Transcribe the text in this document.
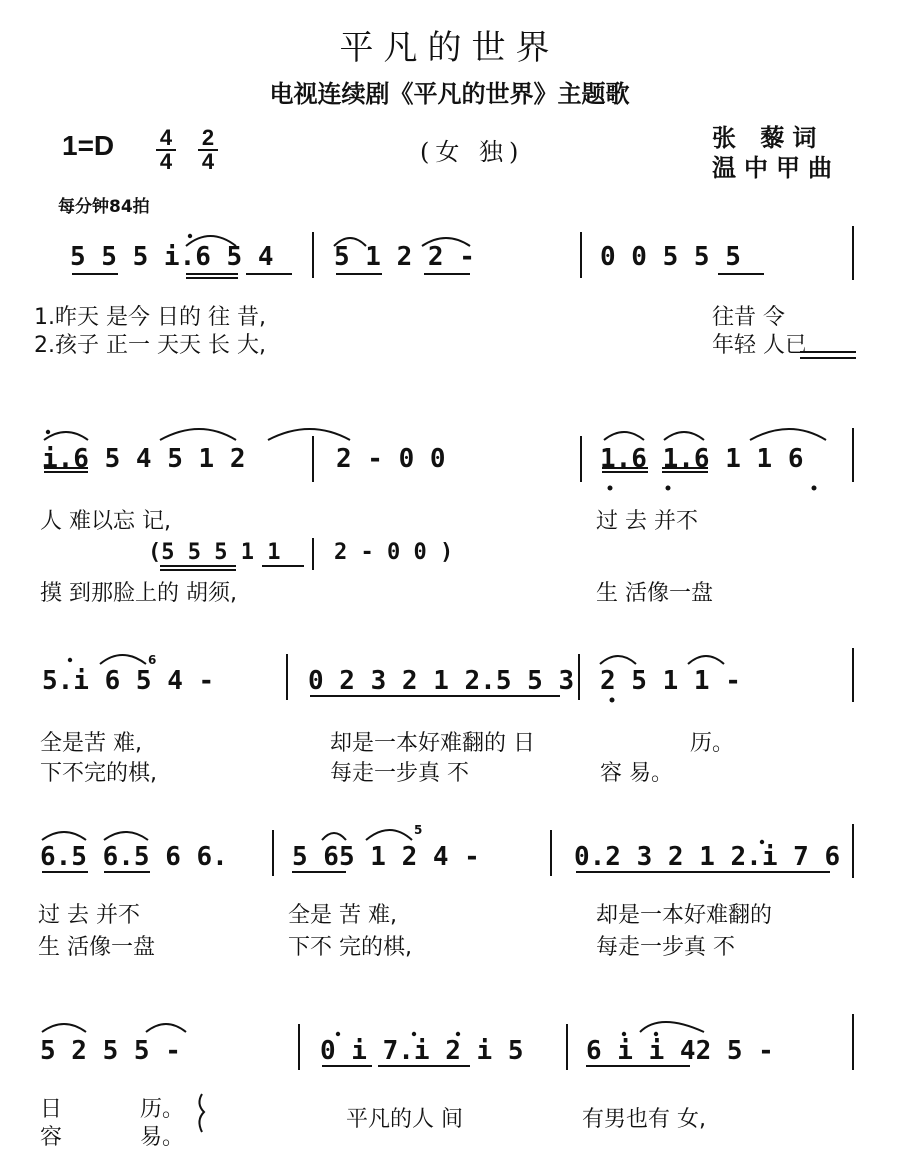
6
5
平凡的世界
电视连续剧《平凡的世界》主题歌
1=D 4
4
2
4	(女 独)	张 藜词
温中甲曲
每分钟84拍
5 5 5 i.6 5 4 5 1 2 2 -	0 0 5 5 5
1.昨天 是今 日的 往 昔,	往昔 令
2.孩子 正一 天天 长 大,	年轻 人已
i.6 5 4 5 1 2	2 - 0 0	1.6 1.6 1 1 6
人 难以忘 记,	过 去 并不
(5 5 5 1 1 2 - 0 0 )
摸 到那脸上的 胡须,	生 活像一盘
5.i 6 5 4 -	0 2 3 2 1 2.5 5 3 2 5 1 1 -
全是苦 难,	却是一本好难翻的 日	历。
下不完的棋,	每走一步真 不	容 易。
6.5 6.5 6 6. 5 65 1 2 4 -	0.2 3 2 1 2.i 7 6
过 去 并不	全是 苦 难,	却是一本好难翻的
生 活像一盘	下不 完的棋,	每走一步真 不
5 2 5 5 -	0 i 7.i 2 i 5 6 i i 42 5 -
日	历。	平凡的人 间	有男也有 女,
容	易。
